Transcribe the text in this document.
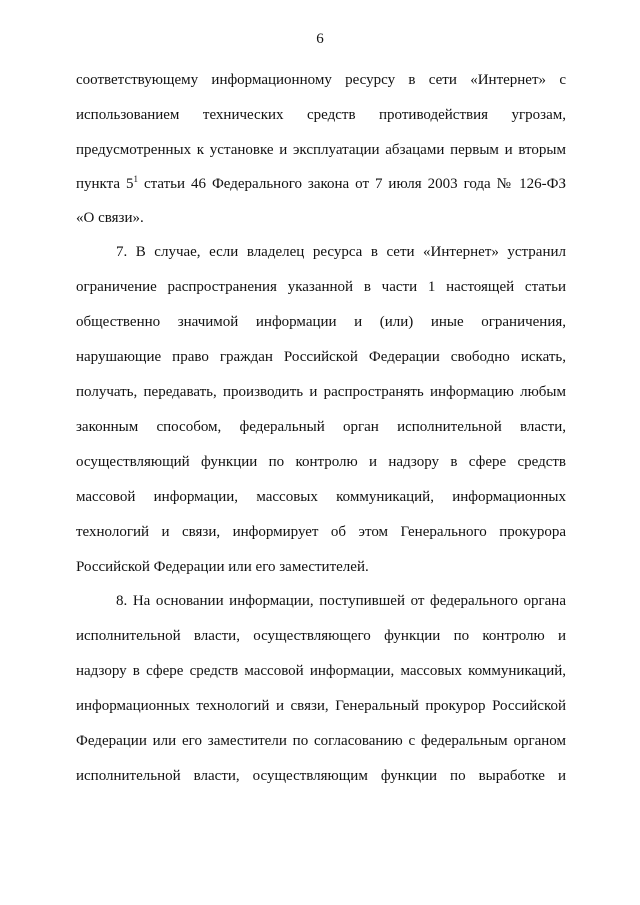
6
соответствующему информационному ресурсу в сети «Интернет» с
использованием технических средств противодействия угрозам,
предусмотренных к установке и эксплуатации абзацами первым и вторым
пункта $5^1$ статьи 46 Федерального закона от 7 июля 2003 года № 126-ФЗ
«О связи».
7. В случае, если владелец ресурса в сети «Интернет» устранил
ограничение распространения указанной в части 1 настоящей статьи
общественно значимой информации и (или) иные ограничения,
нарушающие право граждан Российской Федерации свободно искать,
получать, передавать, производить и распространять информацию любым
законным способом, федеральный орган исполнительной власти,
осуществляющий функции по контролю и надзору в сфере средств
массовой информации, массовых коммуникаций, информационных
технологий и связи, информирует об этом Генерального прокурора
Российской Федерации или его заместителей.
8. На основании информации, поступившей от федерального органа
исполнительной власти, осуществляющего функции по контролю и
надзору в сфере средств массовой информации, массовых коммуникаций,
информационных технологий и связи, Генеральный прокурор Российской
Федерации или его заместители по согласованию с федеральным органом
исполнительной власти, осуществляющим функции по выработке и
